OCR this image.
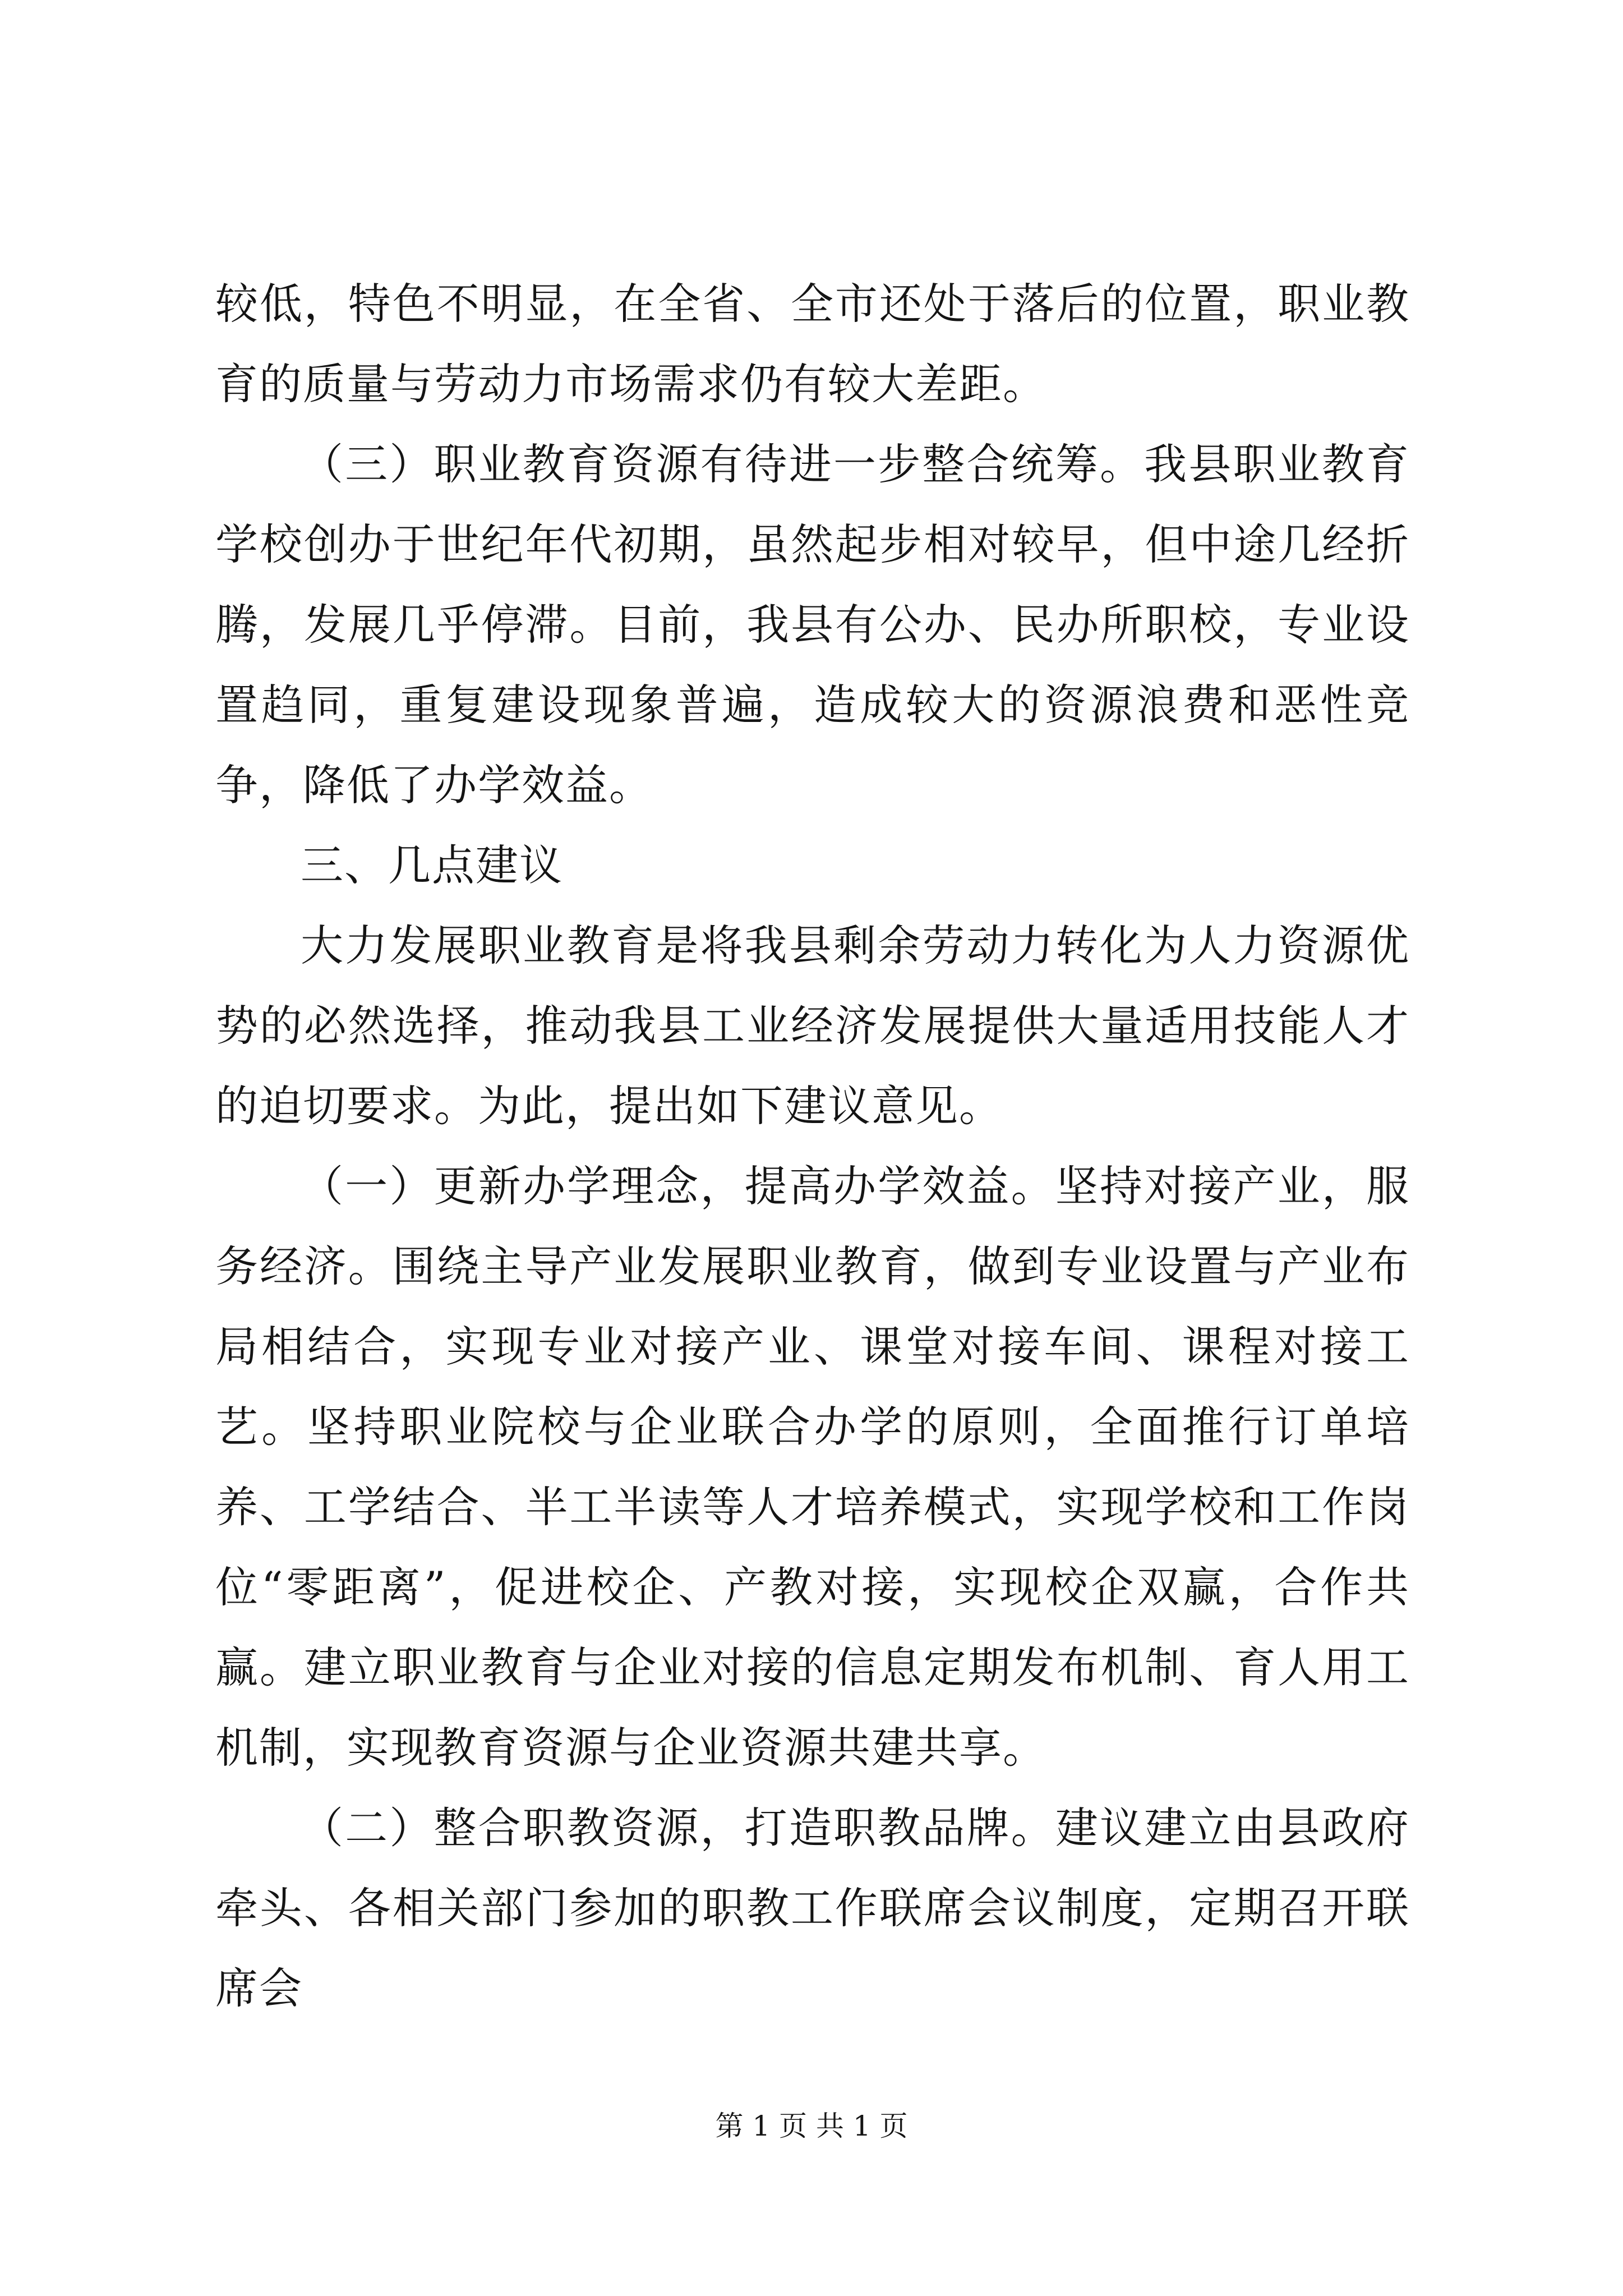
较低，特色不明显，在全省、全市还处于落后的位置，职业教育的质量与劳动力市场需求仍有较大差距。

（三）职业教育资源有待进一步整合统筹。我县职业教育学校创办于世纪年代初期，虽然起步相对较早，但中途几经折腾，发展几乎停滞。目前，我县有公办、民办所职校，专业设置趋同，重复建设现象普遍，造成较大的资源浪费和恶性竞争，降低了办学效益。

三、几点建议

大力发展职业教育是将我县剩余劳动力转化为人力资源优势的必然选择，推动我县工业经济发展提供大量适用技能人才的迫切要求。为此，提出如下建议意见。

（一）更新办学理念，提高办学效益。坚持对接产业，服务经济。围绕主导产业发展职业教育，做到专业设置与产业布局相结合，实现专业对接产业、课堂对接车间、课程对接工艺。坚持职业院校与企业联合办学的原则，全面推行订单培养、工学结合、半工半读等人才培养模式，实现学校和工作岗位“零距离”，促进校企、产教对接，实现校企双赢，合作共赢。建立职业教育与企业对接的信息定期发布机制、育人用工机制，实现教育资源与企业资源共建共享。

（二）整合职教资源，打造职教品牌。建议建立由县政府牵头、各相关部门参加的职教工作联席会议制度，定期召开联席会

第 1 页 共 1 页
